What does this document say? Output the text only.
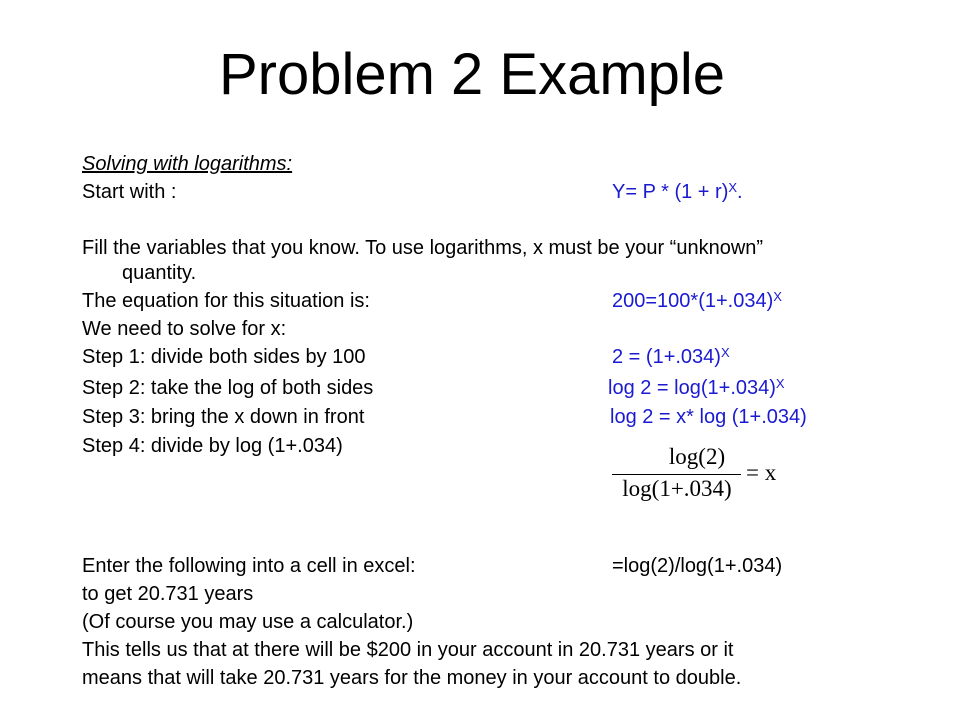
Problem 2 Example
Solving with logarithms:
Start with :	$Y= P * (1 + r)^X$.
Fill the variables that you know. To use logarithms, x must be your “unknown”
quantity.
The equation for this situation is:	$200=100*(1+.034)^X$
We need to solve for x:
Step 1: divide both sides by 100	$2 = (1+.034)^X$
Step 2: take the log of both sides	$\log 2 = \log(1+.034)^X$
Step 3: bring the x down in front	log 2 = x* log (1+.034)
Step 4: divide by log (1+.034)	log(2)
log(1+.034)
= x
Enter the following into a cell in excel:	=log(2)/log(1+.034)
to get 20.731 years
(Of course you may use a calculator.)
This tells us that at there will be $200 in your account in 20.731 years or it
means that will take 20.731 years for the money in your account to double.
